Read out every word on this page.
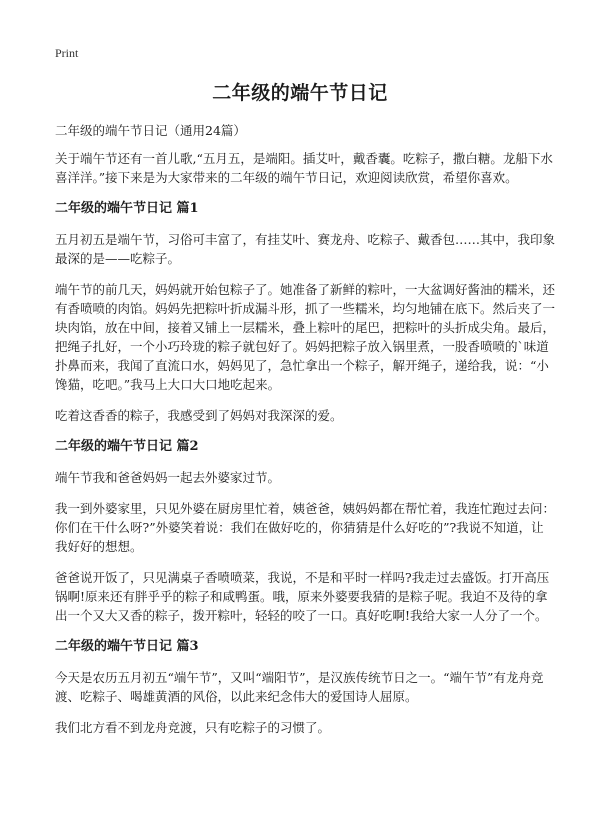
Print
二年级的端午节日记

二年级的端午节日记（通用24篇）

关于端午节还有一首儿歌,“五月五，是端阳。插艾叶，戴香囊。吃粽子，撒白糖。龙船下水喜洋洋。”接下来是为大家带来的二年级的端午节日记，欢迎阅读欣赏，希望你喜欢。

二年级的端午节日记 篇1

五月初五是端午节，习俗可丰富了，有挂艾叶、赛龙舟、吃粽子、戴香包……其中，我印象最深的是——吃粽子。

端午节的前几天，妈妈就开始包粽子了。她准备了新鲜的粽叶，一大盆调好酱油的糯米，还有香喷喷的肉馅。妈妈先把粽叶折成漏斗形，抓了一些糯米，均匀地铺在底下。然后夹了一块肉馅，放在中间，接着又铺上一层糯米，叠上粽叶的尾巴，把粽叶的头折成尖角。最后，把绳子扎好，一个小巧玲珑的粽子就包好了。妈妈把粽子放入锅里煮，一股香喷喷的`味道扑鼻而来，我闻了直流口水，妈妈见了，急忙拿出一个粽子，解开绳子，递给我，说：“小馋猫，吃吧。”我马上大口大口地吃起来。

吃着这香香的粽子，我感受到了妈妈对我深深的爱。

二年级的端午节日记 篇2

端午节我和爸爸妈妈一起去外婆家过节。

我一到外婆家里，只见外婆在厨房里忙着，姨爸爸，姨妈妈都在帮忙着，我连忙跑过去问：你们在干什么呀?”外婆笑着说：我们在做好吃的，你猜猜是什么好吃的”?我说不知道，让我好好的想想。

爸爸说开饭了，只见满桌子香喷喷菜，我说，不是和平时一样吗?我走过去盛饭。打开高压锅啊!原来还有胖乎乎的粽子和咸鸭蛋。哦，原来外婆要我猜的是粽子呢。我迫不及待的拿出一个又大又香的粽子，拨开粽叶，轻轻的咬了一口。真好吃啊!我给大家一人分了一个。

二年级的端午节日记 篇3

今天是农历五月初五“端午节”，又叫“端阳节”，是汉族传统节日之一。“端午节”有龙舟竞渡、吃粽子、喝雄黄酒的风俗，以此来纪念伟大的爱国诗人屈原。

我们北方看不到龙舟竞渡，只有吃粽子的习惯了。
